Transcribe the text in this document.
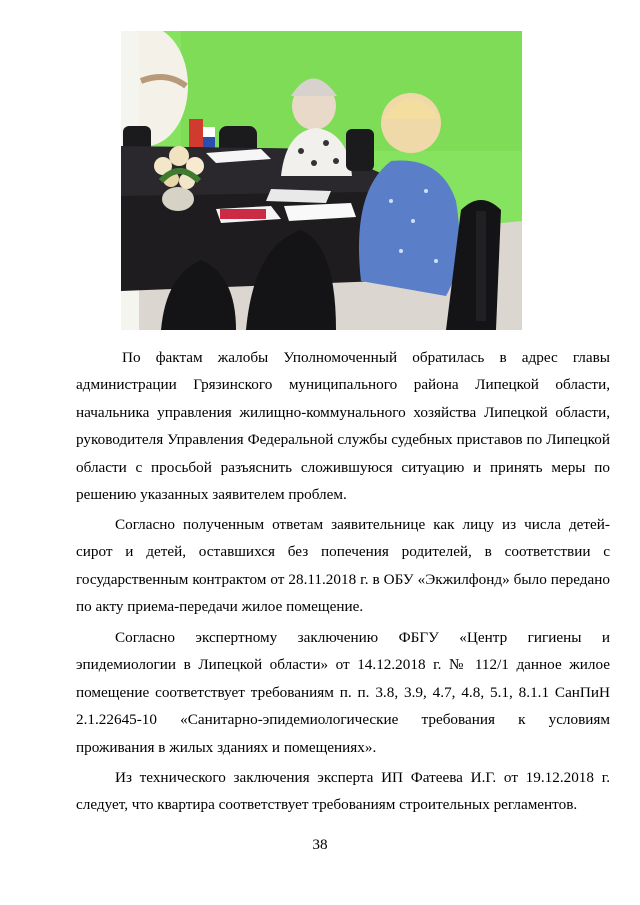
По фактам жалобы Уполномоченный обратилась в адрес главы администрации Грязинского муниципального района Липецкой области, начальника управления жилищно-коммунального хозяйства Липецкой области, руководителя Управления Федеральной службы судебных приставов по Липецкой области с просьбой разъяснить сложившуюся ситуацию и принять меры по решению указанных заявителем проблем.

Согласно полученным ответам заявительнице как лицу из числа детей-сирот и детей, оставшихся без попечения родителей, в соответствии с государственным контрактом от 28.11.2018 г. в ОБУ «Экжилфонд» было передано по акту приема-передачи жилое помещение.

Согласно экспертному заключению ФБГУ «Центр гигиены и эпидемиологии в Липецкой области» от 14.12.2018 г. № 112/1 данное жилое помещение соответствует требованиям п. п. 3.8, 3.9, 4.7, 4.8, 5.1, 8.1.1 СанПиН 2.1.22645-10 «Санитарно-эпидемиологические требования к условиям проживания в жилых зданиях и помещениях».

Из технического заключения эксперта ИП Фатеева И.Г. от 19.12.2018 г. следует, что квартира соответствует требованиям строительных регламентов.

38
